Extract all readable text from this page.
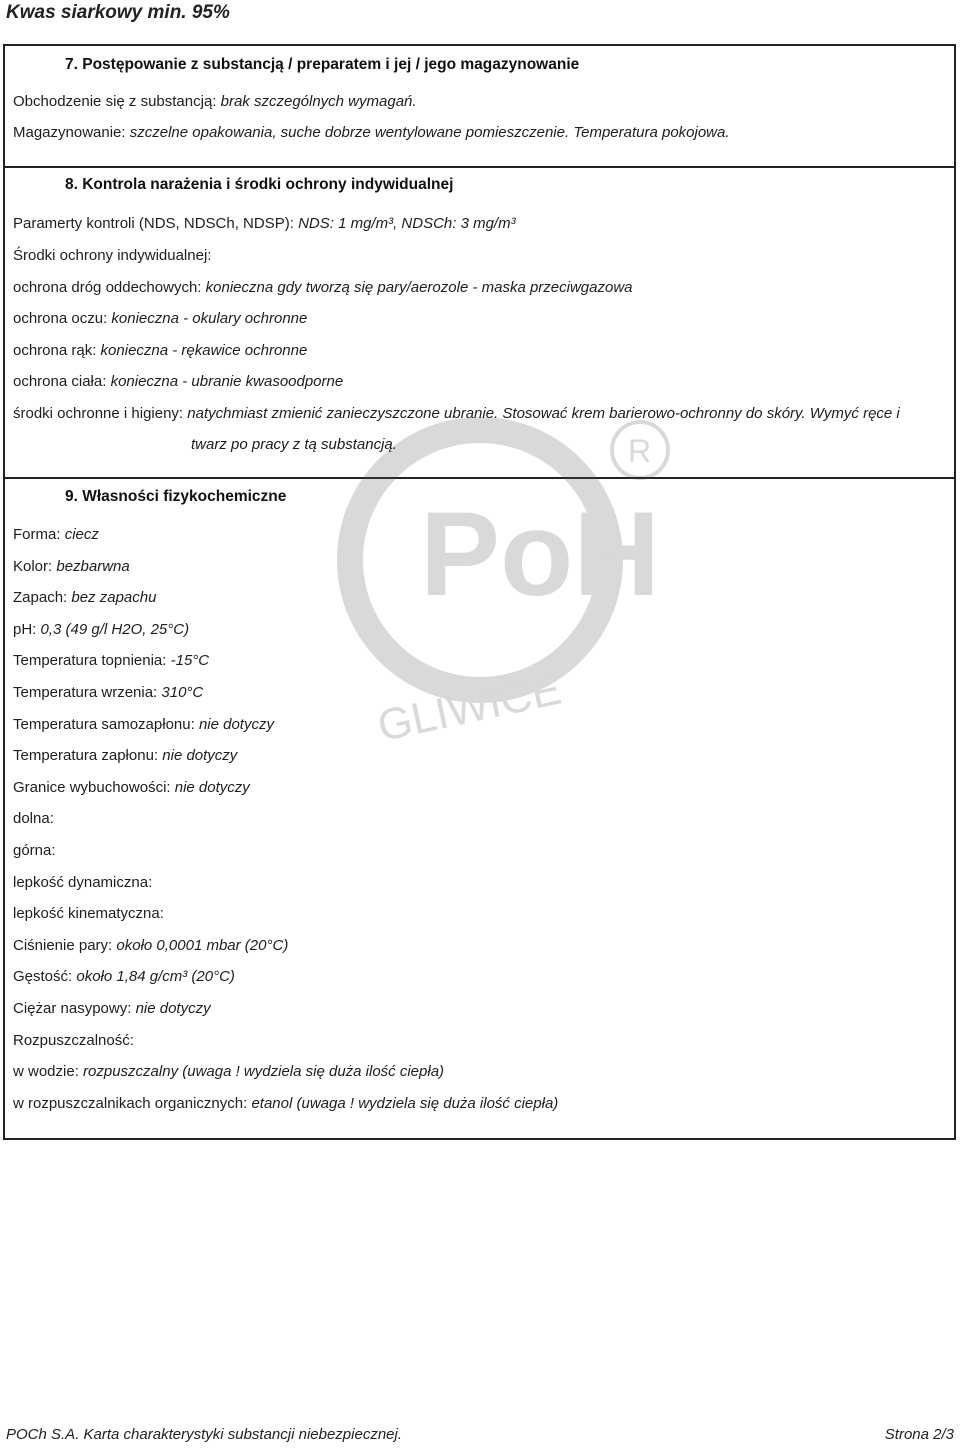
Kwas siarkowy min. 95%
7. Postępowanie z substancją / preparatem i jej / jego magazynowanie
Obchodzenie się z substancją: brak szczególnych wymagań.
Magazynowanie: szczelne opakowania, suche dobrze wentylowane pomieszczenie. Temperatura pokojowa.
8. Kontrola narażenia i środki ochrony indywidualnej
Paramerty kontroli (NDS, NDSCh, NDSP): NDS: 1 mg/m³, NDSCh: 3 mg/m³
Środki ochrony indywidualnej:
ochrona dróg oddechowych: konieczna gdy tworzą się pary/aerozole - maska przeciwgazowa
ochrona oczu: konieczna - okulary ochronne
ochrona rąk: konieczna - rękawice ochronne
ochrona ciała: konieczna - ubranie kwasoodporne
środki ochronne i higieny: natychmiast zmienić zanieczyszczone ubranie. Stosować krem barierowo-ochronny do skóry. Wymyć ręce i
twarz po pracy z tą substancją.
9. Własności fizykochemiczne
Forma: ciecz
Kolor: bezbarwna
Zapach: bez zapachu
pH: 0,3 (49 g/l H2O, 25°C)
Temperatura topnienia: -15°C
Temperatura wrzenia: 310°C
Temperatura samozapłonu: nie dotyczy
Temperatura zapłonu: nie dotyczy
Granice wybuchowości: nie dotyczy
dolna:
górna:
lepkość dynamiczna:
lepkość kinematyczna:
Ciśnienie pary: około 0,0001 mbar (20°C)
Gęstość: około 1,84 g/cm³ (20°C)
Ciężar nasypowy: nie dotyczy
Rozpuszczalność:
w wodzie: rozpuszczalny (uwaga ! wydziela się duża ilość ciepła)
w rozpuszczalnikach organicznych: etanol (uwaga ! wydziela się duża ilość ciepła)
PoH
R
GLIWICE
POCh S.A. Karta charakterystyki substancji niebezpiecznej.	Strona 2/3
